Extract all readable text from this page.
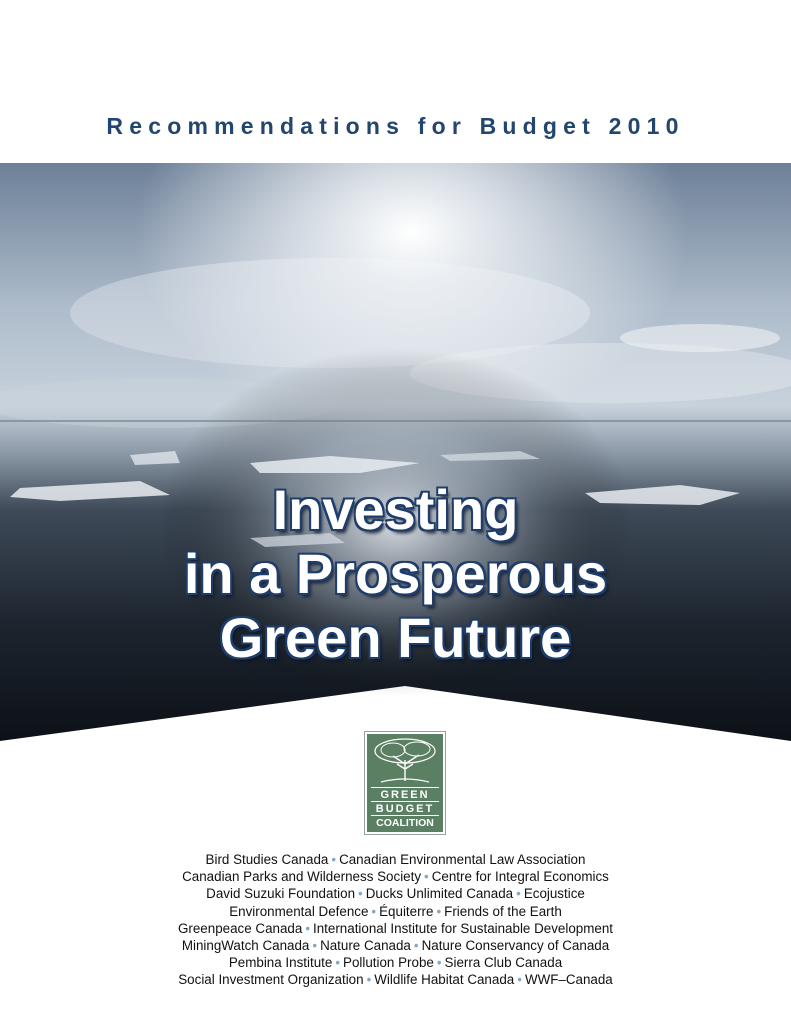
Recommendations for Budget 2010
Investing
in a Prosperous
Green Future
GREEN
BUDGET
COALITION
Bird Studies Canada • Canadian Environmental Law Association
Canadian Parks and Wilderness Society • Centre for Integral Economics
David Suzuki Foundation • Ducks Unlimited Canada • Ecojustice
Environmental Defence • Équiterre • Friends of the Earth
Greenpeace Canada • International Institute for Sustainable Development
MiningWatch Canada • Nature Canada • Nature Conservancy of Canada
Pembina Institute • Pollution Probe • Sierra Club Canada
Social Investment Organization • Wildlife Habitat Canada • WWF–Canada
